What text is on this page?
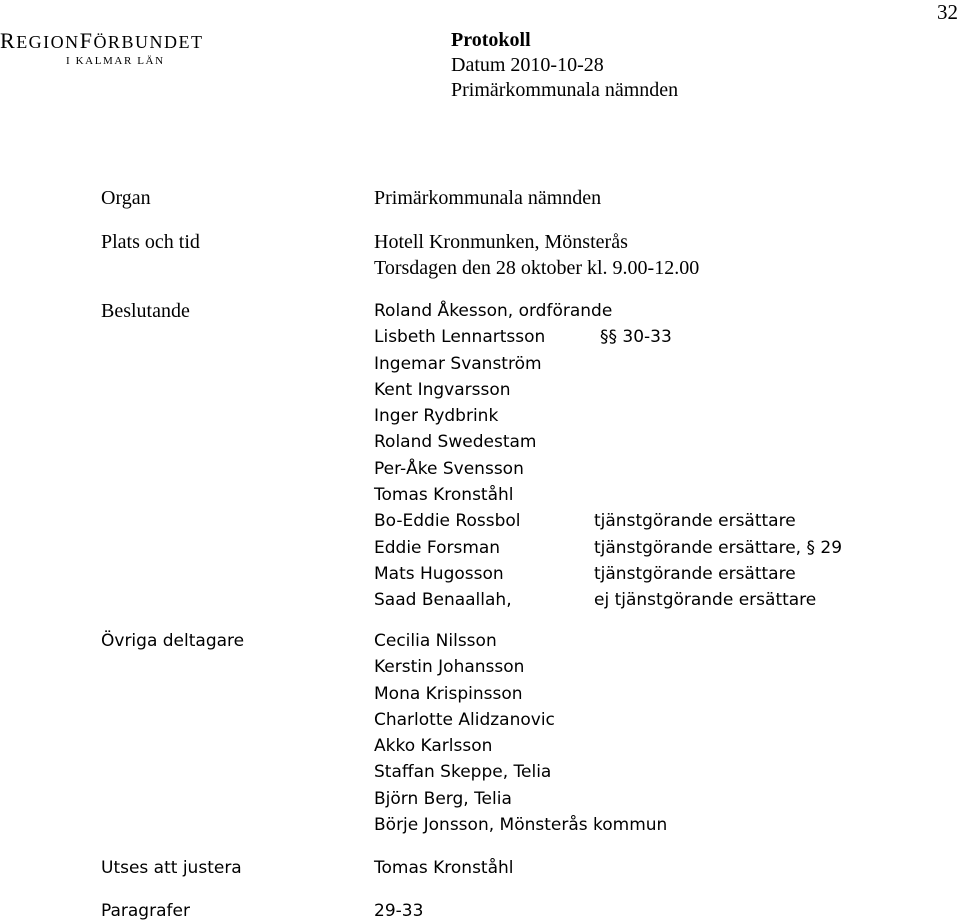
32
REGIONFÖRBUNDET
I KALMAR LÄN
Protokoll
Datum 2010-10-28
Primärkommunala nämnden
Organ	Primärkommunala nämnden
Plats och tid	Hotell Kronmunken, Mönsterås
Torsdagen den 28 oktober kl. 9.00-12.00
Beslutande	Roland Åkesson, ordförande
Lisbeth Lennartsson	§§ 30-33
Ingemar Svanström
Kent Ingvarsson
Inger Rydbrink
Roland Swedestam
Per-Åke Svensson
Tomas Kronståhl
Bo-Eddie Rossbol	tjänstgörande ersättare
Eddie Forsman	tjänstgörande ersättare, § 29
Mats Hugosson	tjänstgörande ersättare
Saad Benaallah,	ej tjänstgörande ersättare
Övriga deltagare	Cecilia Nilsson
Kerstin Johansson
Mona Krispinsson
Charlotte Alidzanovic
Akko Karlsson
Staffan Skeppe, Telia
Björn Berg, Telia
Börje Jonsson, Mönsterås kommun
Utses att justera	Tomas Kronståhl
Paragrafer	29-33
